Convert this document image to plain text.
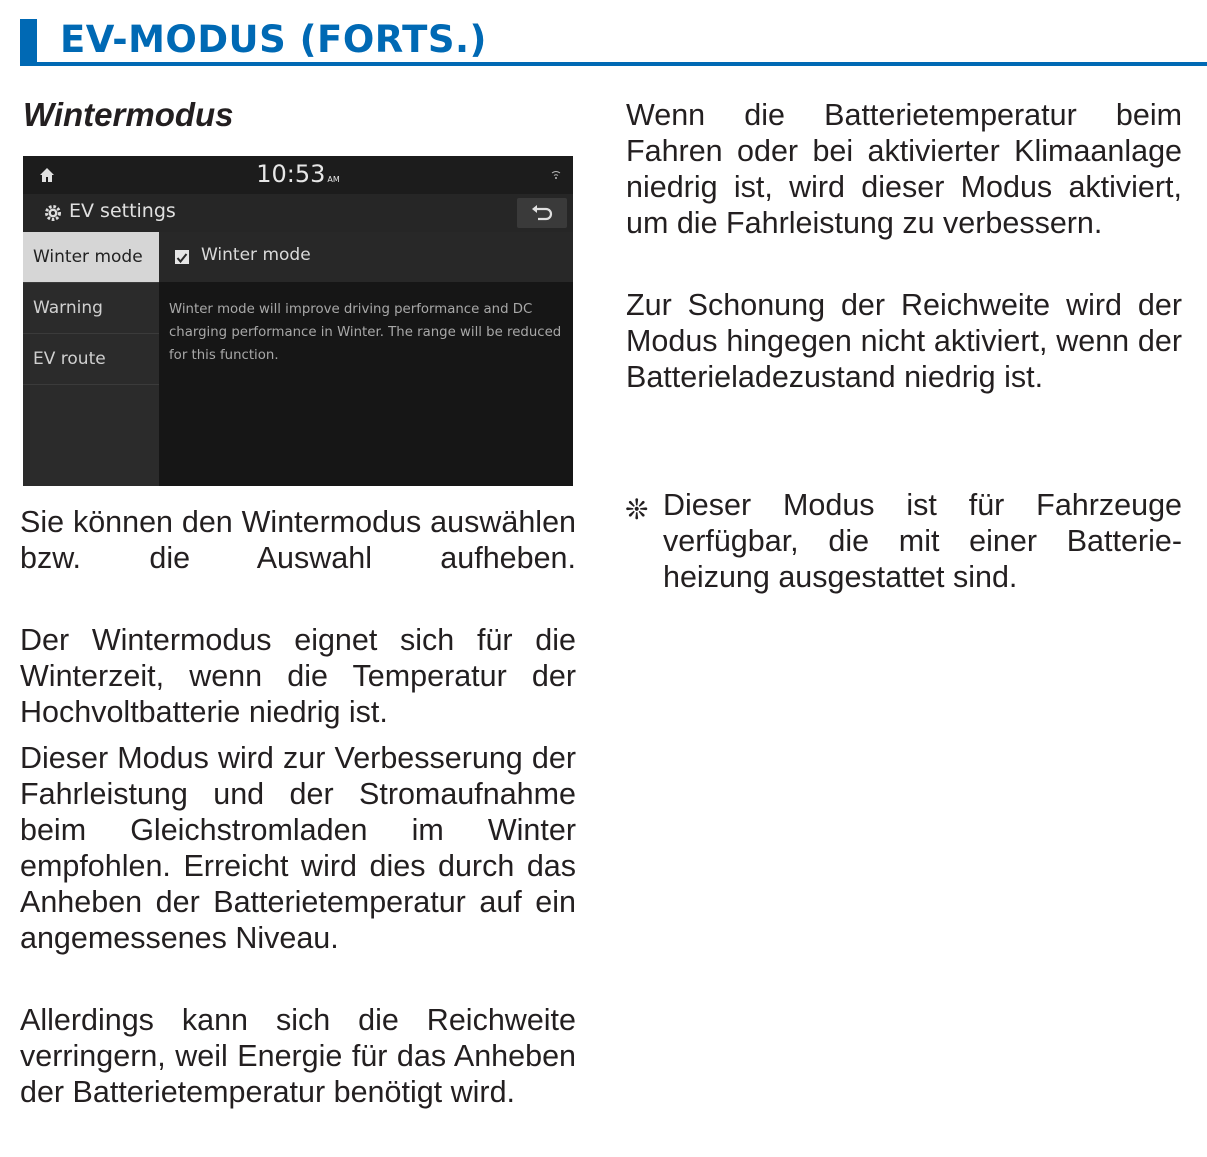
EV-MODUS (FORTS.)
Wintermodus
10:53 AM
EV settings
Winter mode
Warning
EV route
Winter mode

Winter mode will improve driving performance and DC charging performance in Winter. The range will be reduced for this function.

Sie können den Wintermodus auswählen bzw. die Auswahl aufheben.

Der Wintermodus eignet sich für die Winterzeit, wenn die Temperatur der Hochvoltbatterie niedrig ist.

Dieser Modus wird zur Verbesserung der Fahrleistung und der Stromaufnahme beim Gleichstromladen im Winter empfohlen. Erreicht wird dies durch das Anheben der Batterietemperatur auf ein angemessenes Niveau.

Allerdings kann sich die Reichweite verringern, weil Energie für das Anheben der Batterietemperatur benötigt wird.

Wenn die Batterietemperatur beim Fahren oder bei aktivierter Klimaanlage niedrig ist, wird dieser Modus aktiviert, um die Fahrleistung zu verbessern.

Zur Schonung der Reichweite wird der Modus hingegen nicht aktiviert, wenn der Batterieladezustand niedrig ist.

❊ Dieser Modus ist für Fahrzeuge verfügbar, die mit einer Batterieheizung ausgestattet sind.
